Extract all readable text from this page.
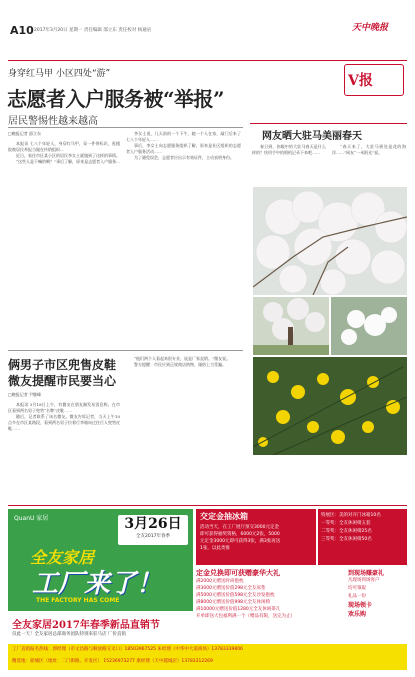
A10 2017年3月20日 星期一 责任编辑 邵立东 责任校对 杨通岩	天中晚报
V报
身穿红马甲 小区四处“游”
志愿者入户服务被“举报”
居民警惕性越来越高
□晚报记者 邵立东

本报讯 七八个年轻人，身穿红马甲，穿一件带标识，逛楼院被居民举报当做在传销组织...

近日，家住市区某小区的居民李女士就遇到了这样的事情。

“这些人是干嘛的啊？”事后了解，原来是志愿者入户服务...

李女士说，几天前的一个下午，她一个人在家，敲门后来了七八个年轻人……

事后，李女士向志愿服务组织了解，原来是社区组织的志愿者入户服务活动……

为了避免误会，志愿者应出示有效证件，主动表明身份。

网友晒大驻马美丽春天

春日到，你眼中的大驻马春天是什么样的？快用手中的相机记录下来吧……

“春天来了，大驻马到处是花的海洋……”网友“一米阳光”说。

俩男子市区兜售皮鞋
微友提醒市民要当心
□晚报记者 尹继峰

本报讯 3月18日上午，有微友在朋友圈发布消息称，在市区看到两名男子兜售“名牌”皮鞋……

随后，记者联系了该名微友。微友告诉记者，当天上午10点多在市区某路段，看到两名男子拉着行李箱向过往行人兜售皮鞋……

“他们两个人看起来很专业，说是厂家直销。”微友说。

警方提醒：市民应到正规商店购物，谨防上当受骗。

QuanU 家居	3月26日
全友2017年春季
全友家居
工厂来了！
THE FACTORY HAS COME
全友家居2017年春季新品直销节
仅此一天！全友家居总部商务团队特别来驻马店 厂价直销
交定金抽冰箱
活动当天，在工厂展厅预交3000元定金
即可获得抽奖资格，6000元2张，5000
元定金3000元即可获得3张，满3张再送
1张，以此类推
特展区：美的对开门冰箱10名
一等奖：全友休闲椅五套
二等奖：全友休闲椅25名
三等奖：全友休闲椅50名
定金兑换即可获赠豪华大礼
满2000元赠送时尚抱枕
满3000元赠送价值298元全友床垫
满5000元赠送价值598元全友沙发抱枕
满8000元赠送价值998元全友休闲椅
满10000元赠送价值1280元全友休闲茶几
开单即送大包福利满一个（赠品有限，送完为止）
到现场赚豪礼
凡现场到场客户
均可领取
礼品一份
现场领卡
欢乐购
工厂直销报名热线：郭经理（市文昌路与解放路交叉口）18503967525 朱经理（中华中大道商场）13783339806
精选地：驿城区（地址：二门街路、开发区） 15236973277 康经理（天中越城店）13783312269
